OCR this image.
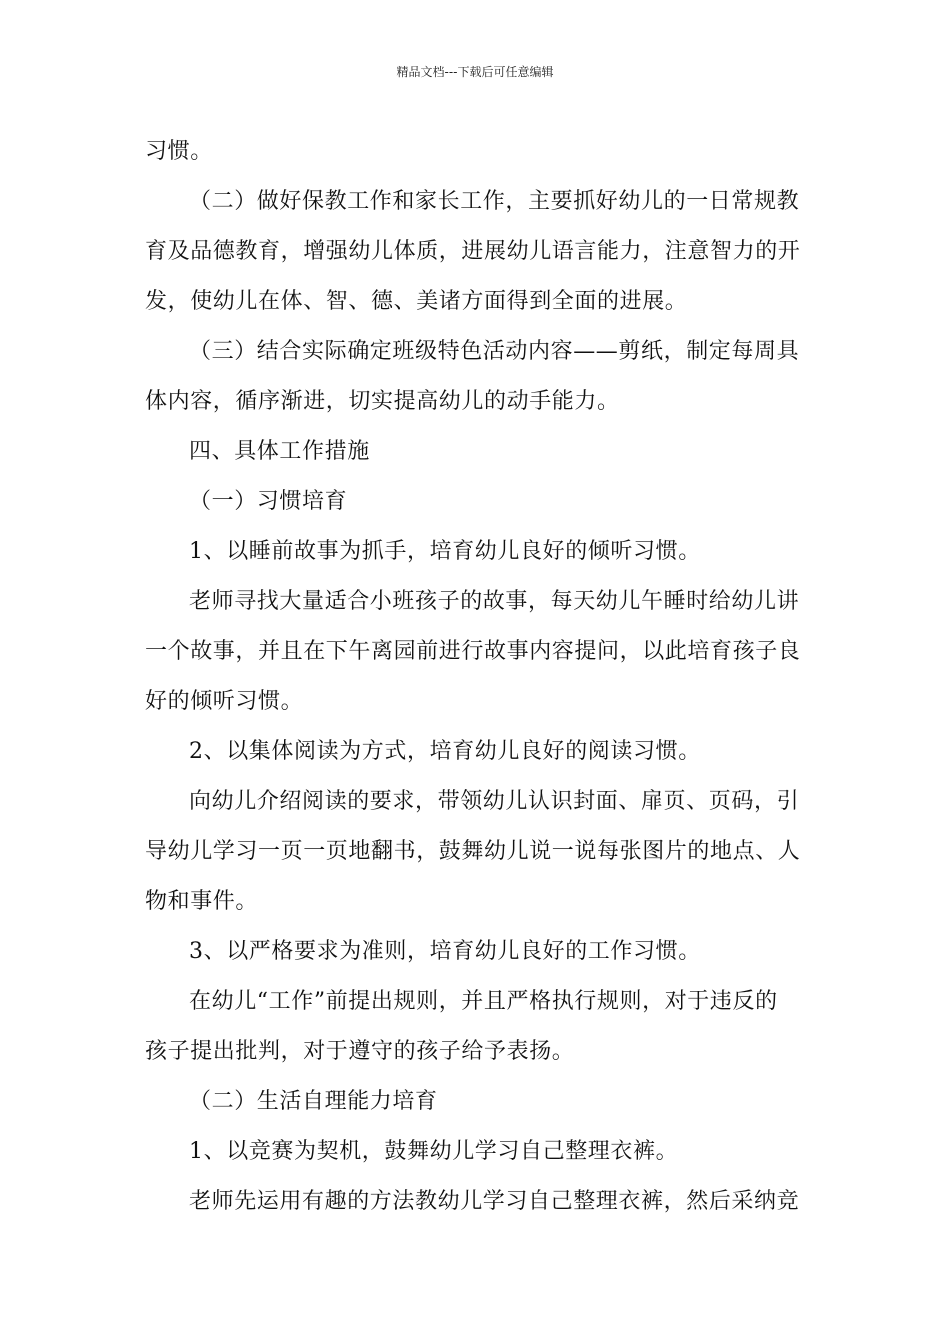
精品文档---下载后可任意编辑
习惯。
（二）做好保教工作和家长工作，主要抓好幼儿的一日常规教
育及品德教育，增强幼儿体质，进展幼儿语言能力，注意智力的开
发，使幼儿在体、智、德、美诸方面得到全面的进展。
（三）结合实际确定班级特色活动内容——剪纸，制定每周具
体内容，循序渐进，切实提高幼儿的动手能力。
四、具体工作措施
（一）习惯培育
1、以睡前故事为抓手，培育幼儿良好的倾听习惯。
老师寻找大量适合小班孩子的故事，每天幼儿午睡时给幼儿讲
一个故事，并且在下午离园前进行故事内容提问，以此培育孩子良
好的倾听习惯。
2、以集体阅读为方式，培育幼儿良好的阅读习惯。
向幼儿介绍阅读的要求，带领幼儿认识封面、扉页、页码，引
导幼儿学习一页一页地翻书，鼓舞幼儿说一说每张图片的地点、人
物和事件。
3、以严格要求为准则，培育幼儿良好的工作习惯。
在幼儿“工作”前提出规则，并且严格执行规则，对于违反的
孩子提出批判，对于遵守的孩子给予表扬。
（二）生活自理能力培育
1、以竞赛为契机，鼓舞幼儿学习自己整理衣裤。
老师先运用有趣的方法教幼儿学习自己整理衣裤，然后采纳竞
